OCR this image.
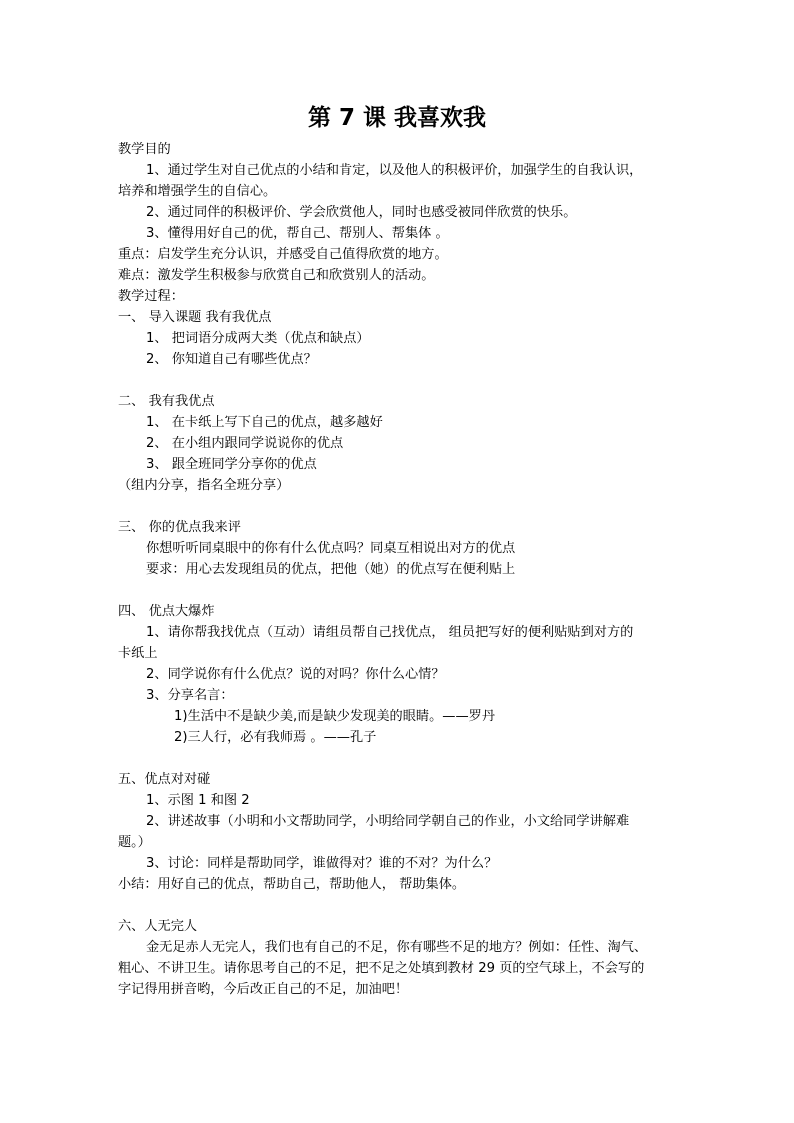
第 7 课 我喜欢我
教学目的
1、通过学生对自己优点的小结和肯定，以及他人的积极评价，加强学生的自我认识，
培养和增强学生的自信心。
2、通过同伴的积极评价、学会欣赏他人，同时也感受被同伴欣赏的快乐。
3、懂得用好自己的优，帮自己、帮别人、帮集体 。
重点：启发学生充分认识，并感受自己值得欣赏的地方。
难点：激发学生积极参与欣赏自己和欣赏别人的活动。
教学过程：
一、 导入课题 我有我优点
1、 把词语分成两大类（优点和缺点）
2、 你知道自己有哪些优点？
二、 我有我优点
1、 在卡纸上写下自己的优点，越多越好
2、 在小组内跟同学说说你的优点
3、 跟全班同学分享你的优点
（组内分享，指名全班分享）
三、 你的优点我来评
你想听听同桌眼中的你有什么优点吗？同桌互相说出对方的优点
要求：用心去发现组员的优点，把他（她）的优点写在便利贴上
四、 优点大爆炸
1、请你帮我找优点（互动）请组员帮自己找优点， 组员把写好的便利贴贴到对方的
卡纸上
2、同学说你有什么优点？说的对吗？你什么心情？
3、分享名言：
1)生活中不是缺少美,而是缺少发现美的眼睛。——罗丹
2)三人行，必有我师焉 。——孔子
五、优点对对碰
1、示图 1 和图 2
2、讲述故事（小明和小文帮助同学，小明给同学朝自己的作业，小文给同学讲解难
题。）
3、讨论：同样是帮助同学，谁做得对？谁的不对？为什么？
小结：用好自己的优点，帮助自己，帮助他人， 帮助集体。
六、人无完人
金无足赤人无完人，我们也有自己的不足，你有哪些不足的地方？例如：任性、淘气、
粗心、不讲卫生。请你思考自己的不足，把不足之处填到教材 29 页的空气球上，不会写的
字记得用拼音哟，今后改正自己的不足，加油吧！
